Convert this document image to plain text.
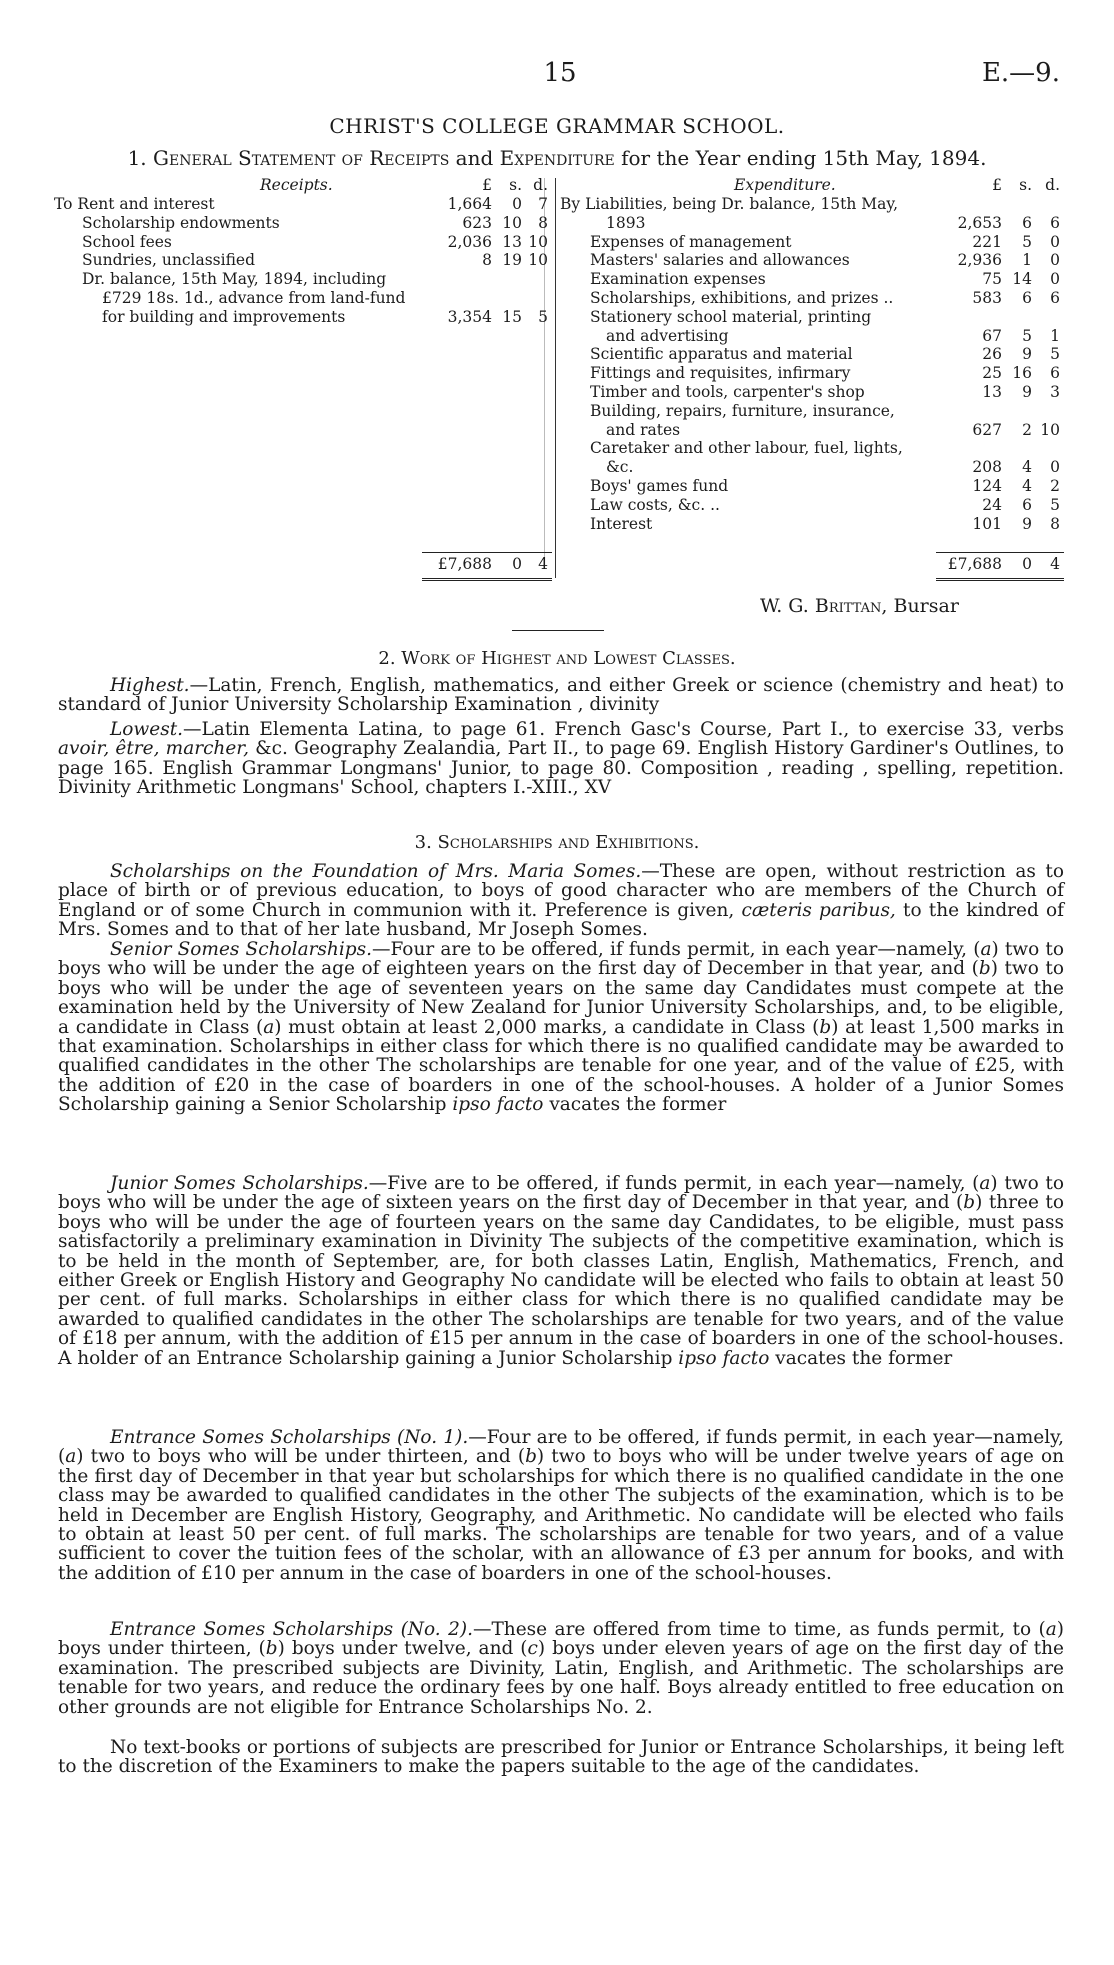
15	E.—9.
CHRIST'S COLLEGE GRAMMAR SCHOOL.
1. General Statement of Receipts and Expenditure for the Year ending 15th May, 1894.
Receipts.	£	s. d.
To Rent and interest	1,664	0	7
Scholarship endowments	623 10	8
School fees	2,036 13 10
Sundries, unclassified	8 19 10
Dr. balance, 15th May, 1894, including
£729 18s. 1d., advance from land-fund
for building and improvements	3,354 15	5
£7,688	0	4
Expenditure.	£	s. d.
By Liabilities, being Dr. balance, 15th May,
1893	2,653	6	6
Expenses of management	221	5	0
Masters' salaries and allowances	2,936	1	0
Examination expenses	75 14	0
Scholarships, exhibitions, and prizes ..	583	6	6
Stationery school material, printing
and advertising	67	5	1
Scientific apparatus and material	26	9	5
Fittings and requisites, infirmary	25 16	6
Timber and tools, carpenter's shop	13	9	3
Building, repairs, furniture, insurance,
and rates	627	2 10
Caretaker and other labour, fuel, lights,
&c.	208	4	0
Boys' games fund	124	4	2
Law costs, &c. ..	24	6	5
Interest	101	9	8
£7,688	0	4
W. G. Brittan, Bursar
2. Work of Highest and Lowest Classes.
Highest.—Latin, French, English, mathematics, and either Greek or science (chemistry and heat) to standard of Junior University Scholarship Examination , divinity
Lowest.—Latin Elementa Latina, to page 61. French Gasc's Course, Part I., to exercise 33, verbs avoir, être, marcher, &c. Geography Zealandia, Part II., to page 69. English History Gardiner's Outlines, to page 165. English Grammar Longmans' Junior, to page 80. Composition , reading , spelling, repetition. Divinity Arithmetic Longmans' School, chapters I.-XIII., XV
3. Scholarships and Exhibitions.
Scholarships on the Foundation of Mrs. Maria Somes.—These are open, without restriction as to place of birth or of previous education, to boys of good character who are members of the Church of England or of some Church in communion with it. Preference is given, cæteris paribus, to the kindred of Mrs. Somes and to that of her late husband, Mr Joseph Somes.
Senior Somes Scholarships.—Four are to be offered, if funds permit, in each year—namely, (a) two to boys who will be under the age of eighteen years on the first day of December in that year, and (b) two to boys who will be under the age of seventeen years on the same day Candidates must compete at the examination held by the University of New Zealand for Junior University Scholarships, and, to be eligible, a candidate in Class (a) must obtain at least 2,000 marks, a candidate in Class (b) at least 1,500 marks in that examination. Scholarships in either class for which there is no qualified candidate may be awarded to qualified candidates in the other The scholarships are tenable for one year, and of the value of £25, with the addition of £20 in the case of boarders in one of the school-houses. A holder of a Junior Somes Scholarship gaining a Senior Scholarship ipso facto vacates the former
Junior Somes Scholarships.—Five are to be offered, if funds permit, in each year—namely, (a) two to boys who will be under the age of sixteen years on the first day of December in that year, and (b) three to boys who will be under the age of fourteen years on the same day Candidates, to be eligible, must pass satisfactorily a preliminary examination in Divinity The subjects of the competitive examination, which is to be held in the month of September, are, for both classes Latin, English, Mathematics, French, and either Greek or English History and Geography No candidate will be elected who fails to obtain at least 50 per cent. of full marks. Scholarships in either class for which there is no qualified candidate may be awarded to qualified candidates in the other The scholarships are tenable for two years, and of the value of £18 per annum, with the addition of £15 per annum in the case of boarders in one of the school-houses. A holder of an Entrance Scholarship gaining a Junior Scholarship ipso facto vacates the former
Entrance Somes Scholarships (No. 1).—Four are to be offered, if funds permit, in each year—namely, (a) two to boys who will be under thirteen, and (b) two to boys who will be under twelve years of age on the first day of December in that year but scholarships for which there is no qualified candidate in the one class may be awarded to qualified candidates in the other The subjects of the examination, which is to be held in December are English History, Geography, and Arithmetic. No candidate will be elected who fails to obtain at least 50 per cent. of full marks. The scholarships are tenable for two years, and of a value sufficient to cover the tuition fees of the scholar, with an allowance of £3 per annum for books, and with the addition of £10 per annum in the case of boarders in one of the school-houses.
Entrance Somes Scholarships (No. 2).—These are offered from time to time, as funds permit, to (a) boys under thirteen, (b) boys under twelve, and (c) boys under eleven years of age on the first day of the examination. The prescribed subjects are Divinity, Latin, English, and Arithmetic. The scholarships are tenable for two years, and reduce the ordinary fees by one half. Boys already entitled to free education on other grounds are not eligible for Entrance Scholarships No. 2.
No text-books or portions of subjects are prescribed for Junior or Entrance Scholarships, it being left to the discretion of the Examiners to make the papers suitable to the age of the candidates.
